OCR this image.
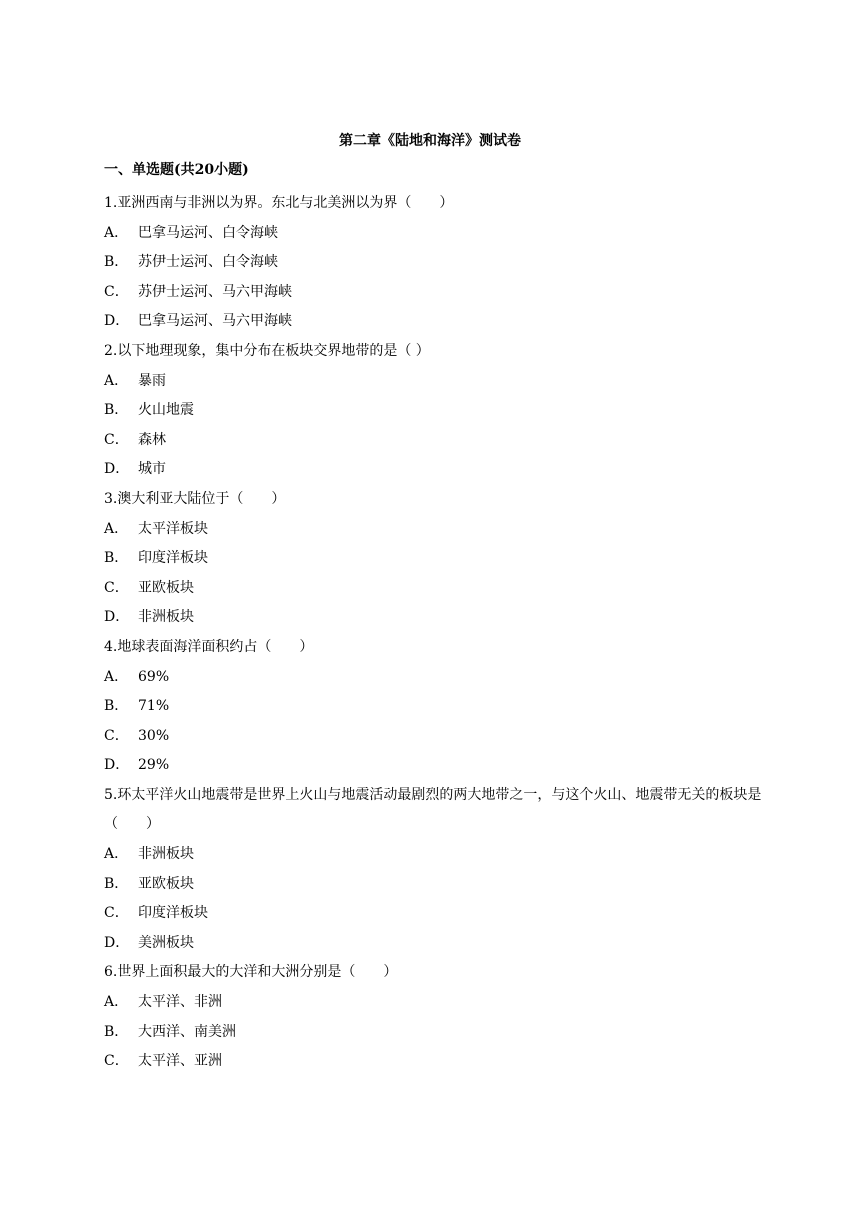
第二章《陆地和海洋》测试卷
一、单选题(共20小题)
1.亚洲西南与非洲以为界。东北与北美洲以为界（　　）
A． 巴拿马运河、白令海峡
B． 苏伊士运河、白令海峡
C． 苏伊士运河、马六甲海峡
D． 巴拿马运河、马六甲海峡
2.以下地理现象，集中分布在板块交界地带的是（ ）
A． 暴雨
B． 火山地震
C． 森林
D． 城市
3.澳大利亚大陆位于（　　）
A． 太平洋板块
B． 印度洋板块
C． 亚欧板块
D． 非洲板块
4.地球表面海洋面积约占（　　）
A． 69%
B． 71%
C． 30%
D． 29%
5.环太平洋火山地震带是世界上火山与地震活动最剧烈的两大地带之一，与这个火山、地震带无关的板块是（　　）
A． 非洲板块
B． 亚欧板块
C． 印度洋板块
D． 美洲板块
6.世界上面积最大的大洋和大洲分别是（　　）
A． 太平洋、非洲
B． 大西洋、南美洲
C． 太平洋、亚洲
